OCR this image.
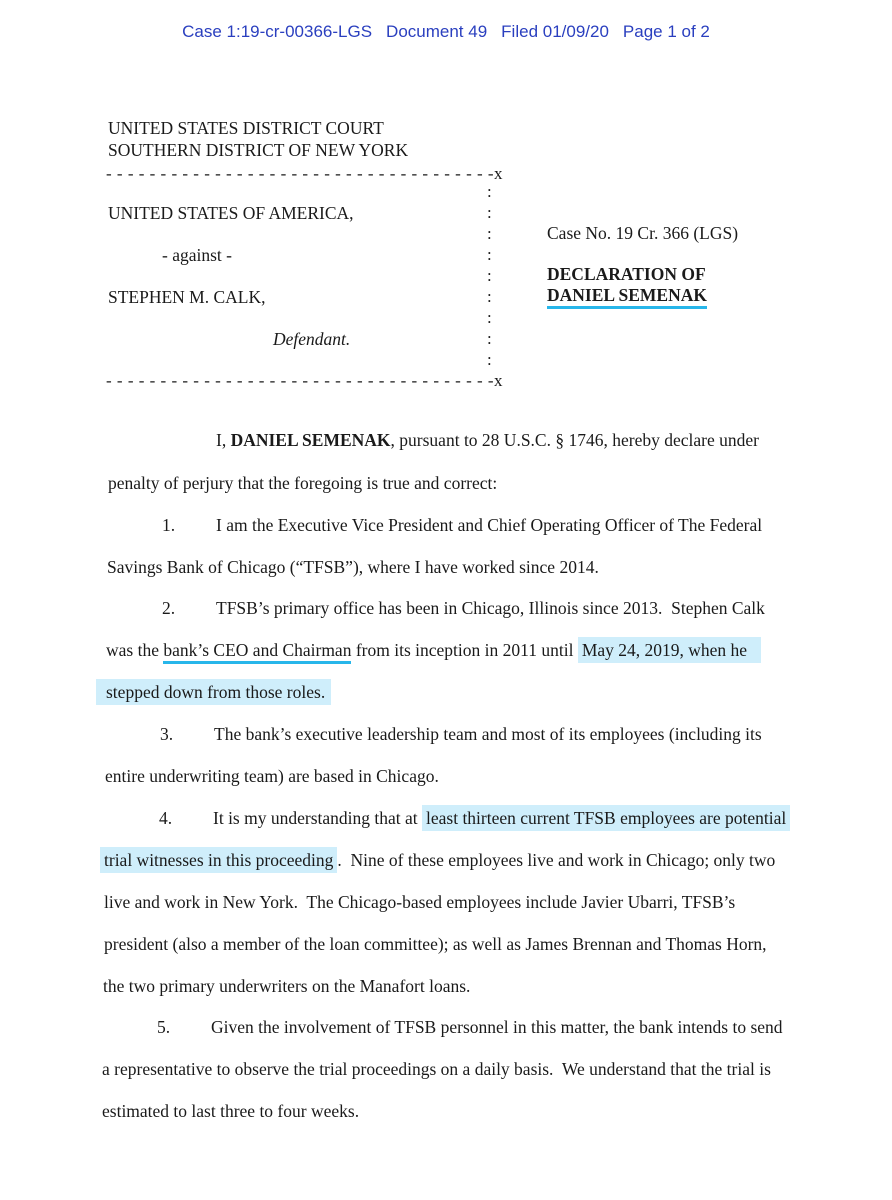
Case 1:19-cr-00366-LGS Document 49 Filed 01/09/20 Page 1 of 2
UNITED STATES DISTRICT COURT
SOUTHERN DISTRICT OF NEW YORK
- - - - - - - - - - - - - - - - - - - - - - - - - - - - - - - - - - - -x
:
:
:
:
:
:
:
:
:
UNITED STATES OF AMERICA,
- against -
STEPHEN M. CALK,
Defendant.
- - - - - - - - - - - - - - - - - - - - - - - - - - - - - - - - - - - -x
Case No. 19 Cr. 366 (LGS)
DECLARATION OF
DANIEL SEMENAK
I, DANIEL SEMENAK, pursuant to 28 U.S.C. § 1746, hereby declare under
penalty of perjury that the foregoing is true and correct:
1. I am the Executive Vice President and Chief Operating Officer of The Federal
Savings Bank of Chicago (“TFSB”), where I have worked since 2014.
2. TFSB’s primary office has been in Chicago, Illinois since 2013.  Stephen Calk
was the bank’s CEO and Chairman from its inception in 2011 until May 24, 2019, when he
stepped down from those roles.
3. The bank’s executive leadership team and most of its employees (including its
entire underwriting team) are based in Chicago.
4. It is my understanding that at least thirteen current TFSB employees are potential
trial witnesses in this proceeding .  Nine of these employees live and work in Chicago; only two
live and work in New York.  The Chicago-based employees include Javier Ubarri, TFSB’s
president (also a member of the loan committee); as well as James Brennan and Thomas Horn,
the two primary underwriters on the Manafort loans.
5. Given the involvement of TFSB personnel in this matter, the bank intends to send
a representative to observe the trial proceedings on a daily basis.  We understand that the trial is
estimated to last three to four weeks.
